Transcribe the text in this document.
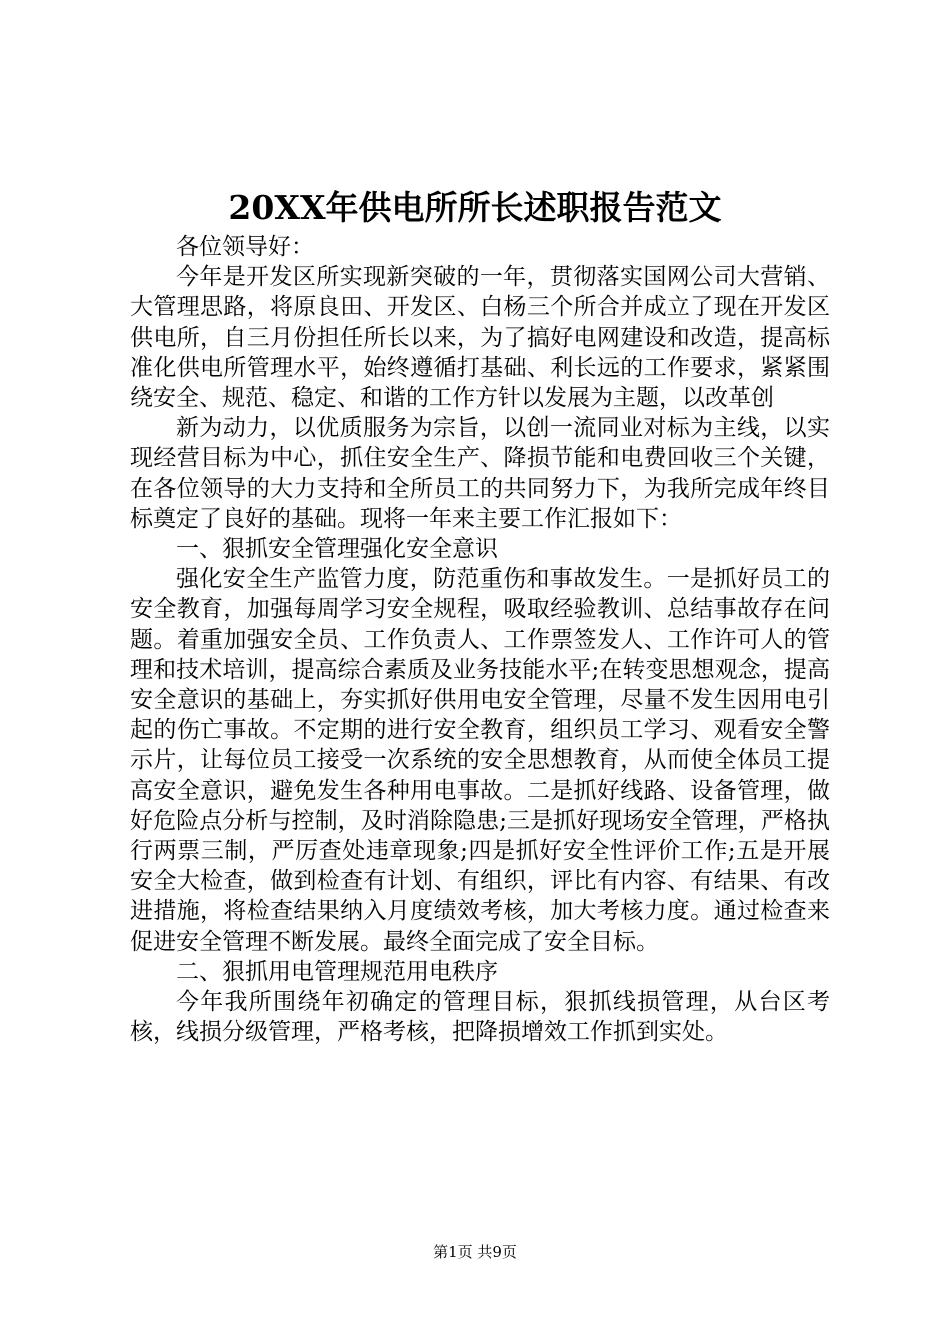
20XX年供电所所长述职报告范文

各位领导好：

今年是开发区所实现新突破的一年，贯彻落实国网公司大营销、大管理思路，将原良田、开发区、白杨三个所合并成立了现在开发区供电所，自三月份担任所长以来，为了搞好电网建设和改造，提高标准化供电所管理水平，始终遵循打基础、利长远的工作要求，紧紧围绕安全、规范、稳定、和谐的工作方针以发展为主题，以改革创

新为动力，以优质服务为宗旨，以创一流同业对标为主线，以实现经营目标为中心，抓住安全生产、降损节能和电费回收三个关键，在各位领导的大力支持和全所员工的共同努力下，为我所完成年终目标奠定了良好的基础。现将一年来主要工作汇报如下：

一、狠抓安全管理强化安全意识

强化安全生产监管力度，防范重伤和事故发生。一是抓好员工的安全教育，加强每周学习安全规程，吸取经验教训、总结事故存在问题。着重加强安全员、工作负责人、工作票签发人、工作许可人的管理和技术培训，提高综合素质及业务技能水平;在转变思想观念，提高安全意识的基础上，夯实抓好供用电安全管理，尽量不发生因用电引起的伤亡事故。不定期的进行安全教育，组织员工学习、观看安全警示片，让每位员工接受一次系统的安全思想教育，从而使全体员工提高安全意识，避免发生各种用电事故。二是抓好线路、设备管理，做好危险点分析与控制，及时消除隐患;三是抓好现场安全管理，严格执行两票三制，严厉查处违章现象;四是抓好安全性评价工作;五是开展安全大检查，做到检查有计划、有组织，评比有内容、有结果、有改进措施，将检查结果纳入月度绩效考核，加大考核力度。通过检查来促进安全管理不断发展。最终全面完成了安全目标。

二、狠抓用电管理规范用电秩序

今年我所围绕年初确定的管理目标，狠抓线损管理，从台区考核，线损分级管理，严格考核，把降损增效工作抓到实处。

第1页 共9页
